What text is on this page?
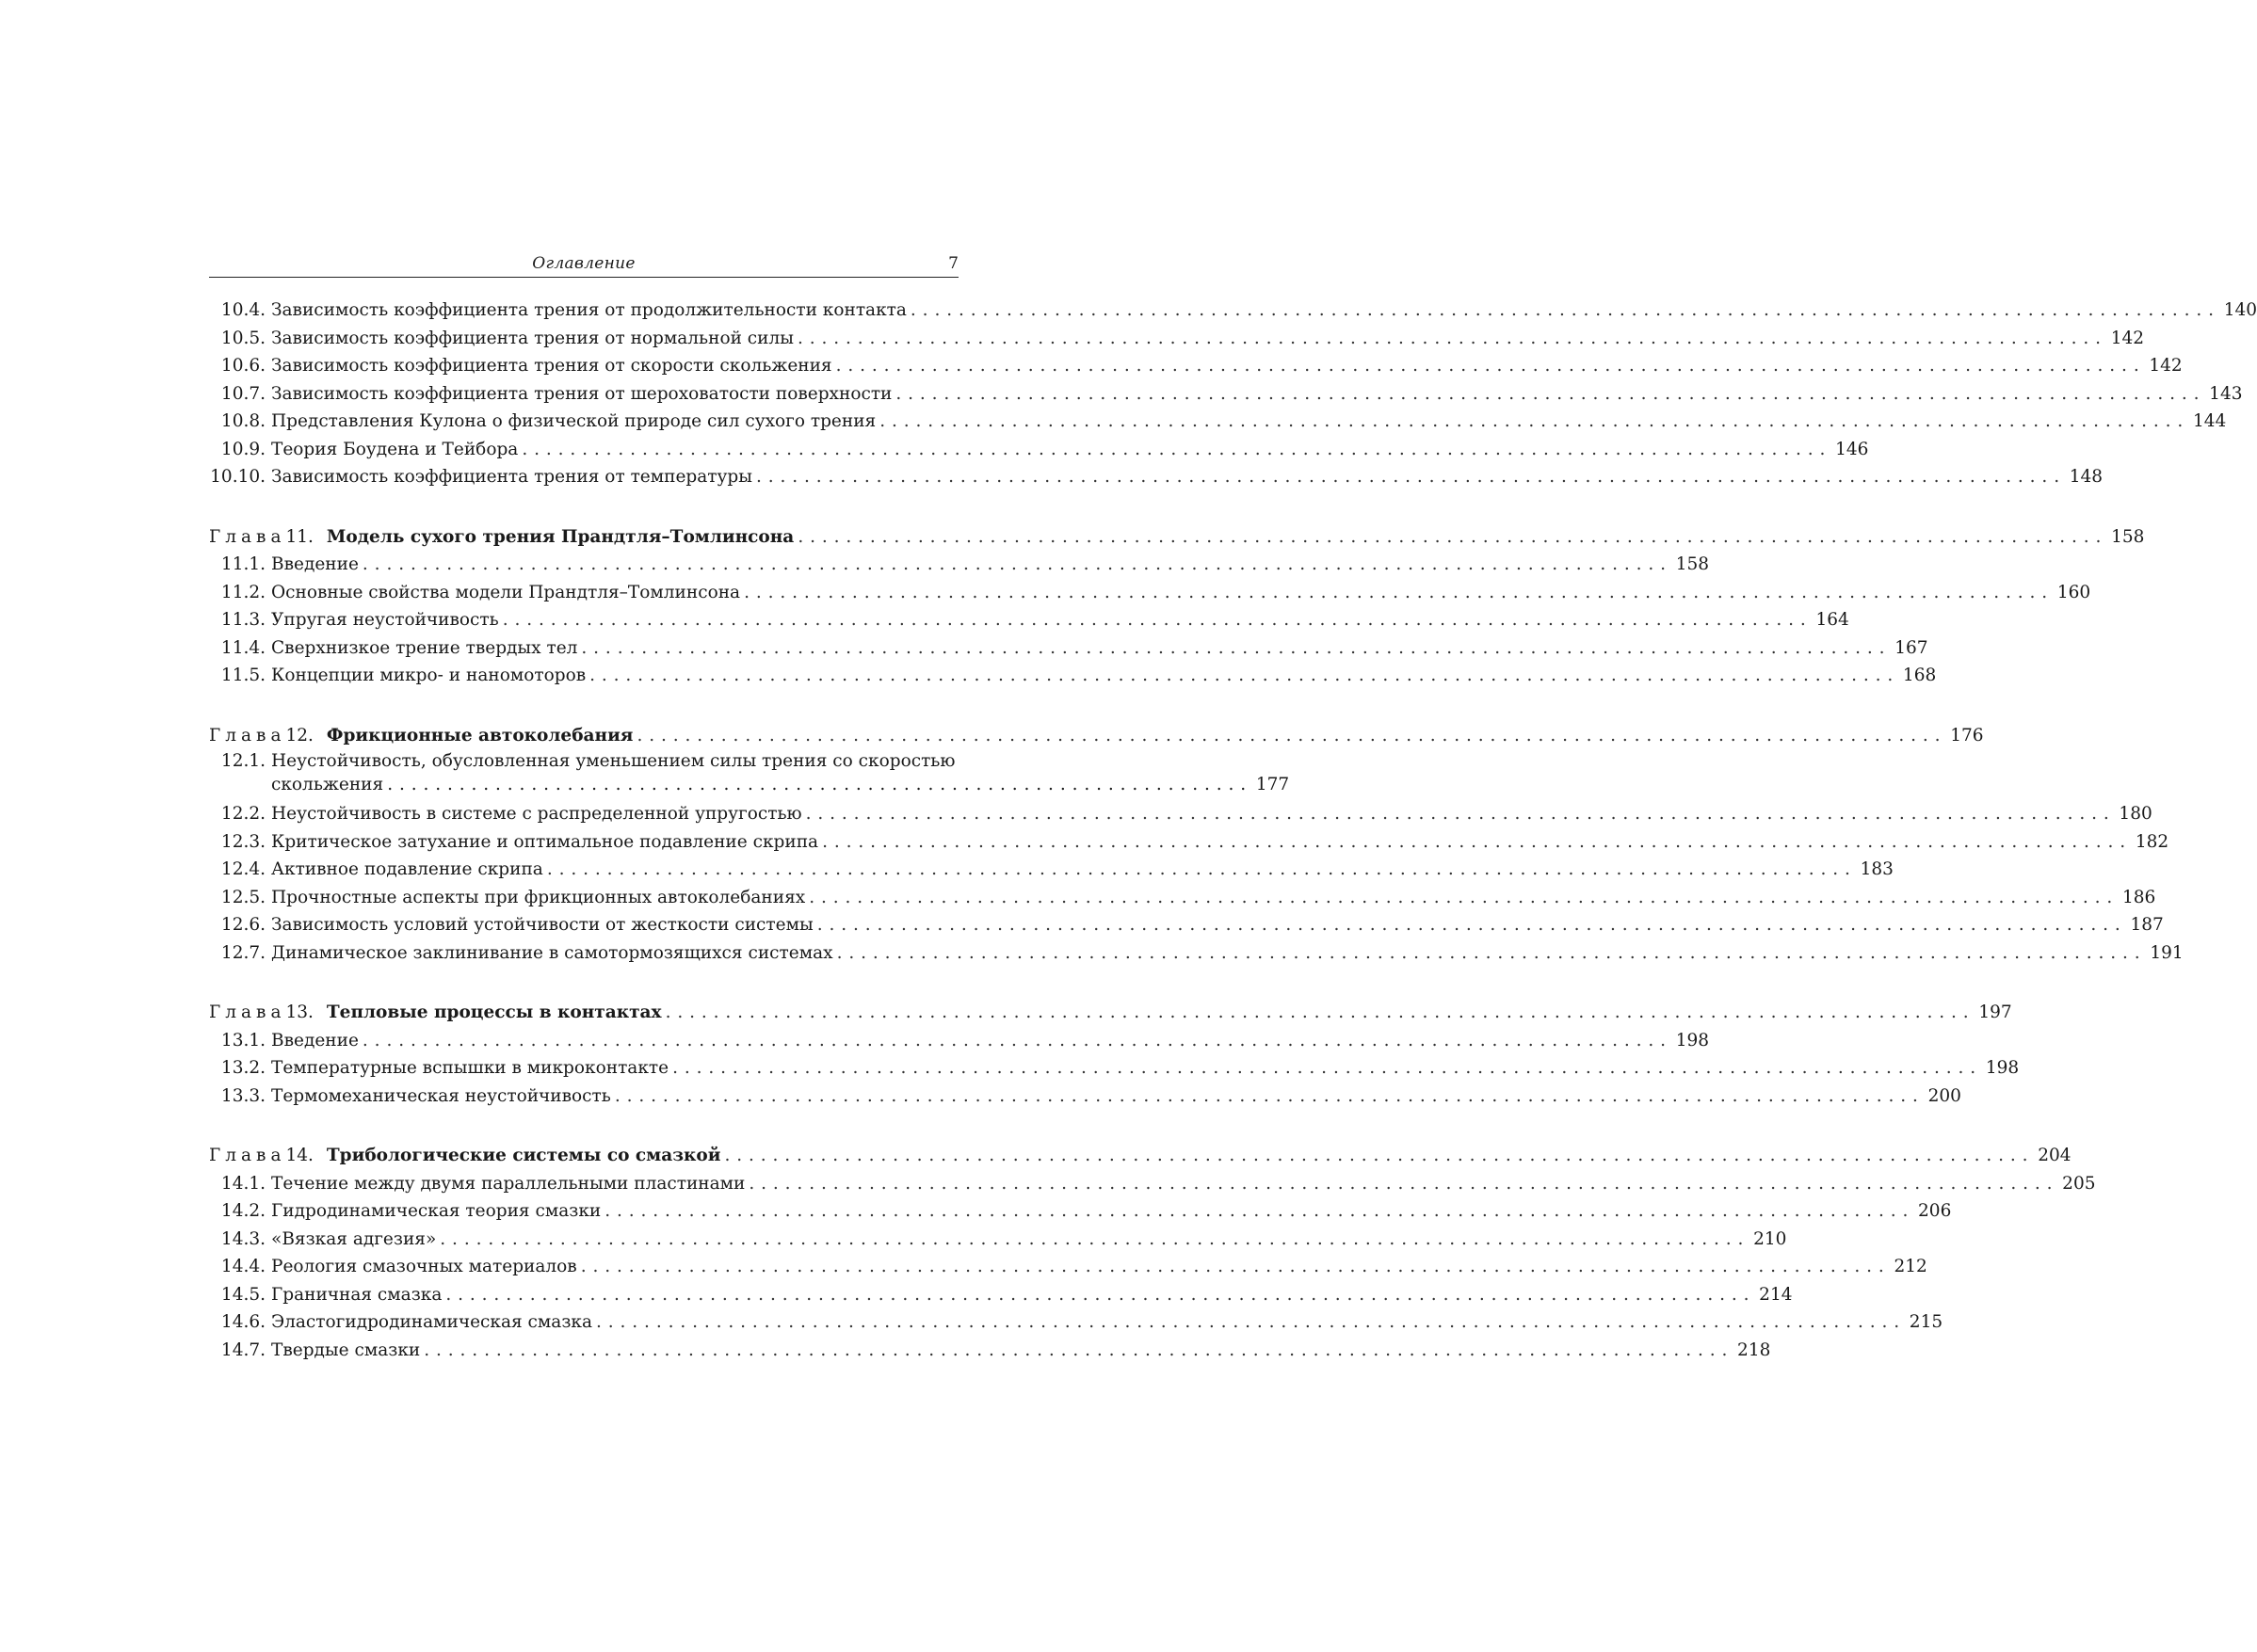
Оглавление	7
10.4. Зависимость коэффициента трения от продолжительности контакта . . .	140
10.5. Зависимость коэффициента трения от нормальной силы . . .	142
10.6. Зависимость коэффициента трения от скорости скольжения . . .	142
10.7. Зависимость коэффициента трения от шероховатости поверхности . . .	143
10.8. Представления Кулона о физической природе сил сухого трения . . .	144
10.9. Теория Боудена и Тейбора . . .	146
10.10. Зависимость коэффициента трения от температуры . . .	148
Глава 11. Модель сухого трения Прандтля–Томлинсона . . .	158
11.1. Введение . . .	158
11.2. Основные свойства модели Прандтля–Томлинсона . . .	160
11.3. Упругая неустойчивость . . .	164
11.4. Сверхнизкое трение твердых тел . . .	167
11.5. Концепции микро- и наномоторов . . .	168
Глава 12. Фрикционные автоколебания . . .	176
12.1. Неустойчивость, обусловленная уменьшением силы трения со скоростью
скольжения . . .	177
12.2. Неустойчивость в системе с распределенной упругостью . . .	180
12.3. Критическое затухание и оптимальное подавление скрипа . . .	182
12.4. Активное подавление скрипа . . .	183
12.5. Прочностные аспекты при фрикционных автоколебаниях . . .	186
12.6. Зависимость условий устойчивости от жесткости системы . . .	187
12.7. Динамическое заклинивание в самотормозящихся системах . . .	191
Глава 13. Тепловые процессы в контактах . . .	197
13.1. Введение . . .	198
13.2. Температурные вспышки в микроконтакте . . .	198
13.3. Термомеханическая неустойчивость . . .	200
Глава 14. Трибологические системы со смазкой . . .	204
14.1. Течение между двумя параллельными пластинами . . .	205
14.2. Гидродинамическая теория смазки . . .	206
14.3. «Вязкая адгезия» . . .	210
14.4. Реология смазочных материалов . . .	212
14.5. Граничная смазка . . .	214
14.6. Эластогидродинамическая смазка . . .	215
14.7. Твердые смазки . . .	218
